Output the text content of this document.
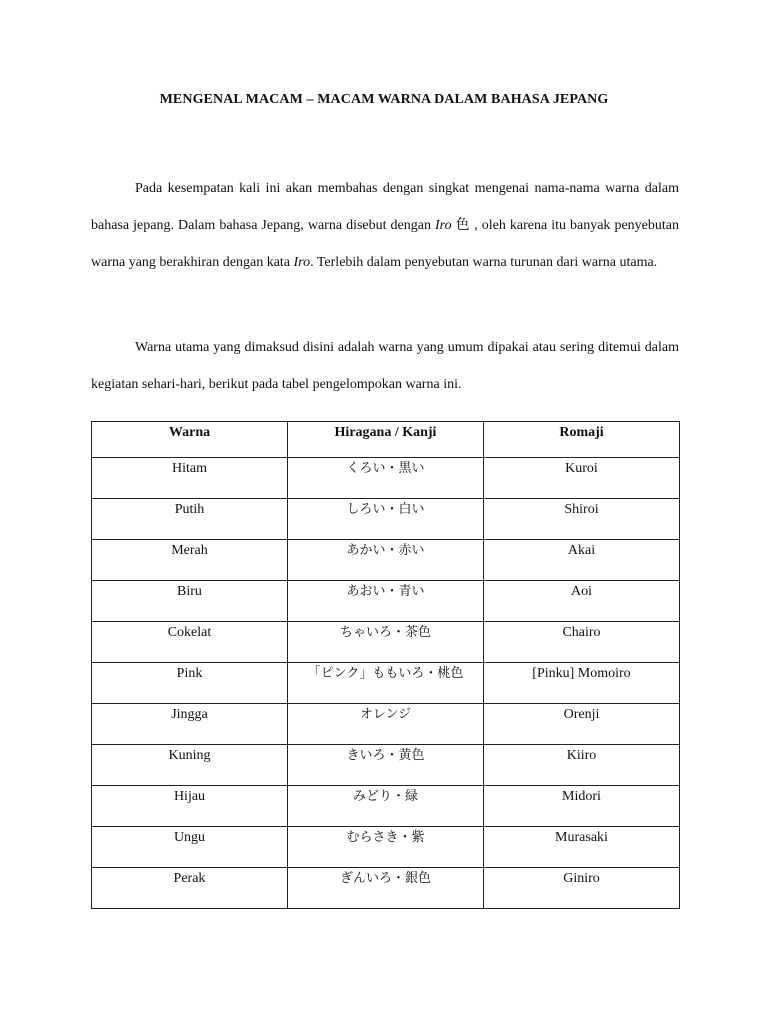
MENGENAL MACAM – MACAM WARNA DALAM BAHASA JEPANG

Pada kesempatan kali ini akan membahas dengan singkat mengenai nama-nama warna dalam bahasa jepang. Dalam bahasa Jepang, warna disebut dengan Iro 色 , oleh karena itu banyak penyebutan warna yang berakhiran dengan kata Iro. Terlebih dalam penyebutan warna turunan dari warna utama.

Warna utama yang dimaksud disini adalah warna yang umum dipakai atau sering ditemui dalam kegiatan sehari-hari, berikut pada tabel pengelompokan warna ini.

Warna	Hiragana / Kanji	Romaji

Hitam	くろい・黒い	Kuroi

Putih	しろい・白い	Shiroi

Merah	あかい・赤い	Akai

Biru	あおい・青い	Aoi

Cokelat	ちゃいろ・茶色	Chairo

Pink	「ピンク」ももいろ・桃色	[Pinku] Momoiro

Jingga	オレンジ	Orenji

Kuning	きいろ・黄色	Kiiro

Hijau	みどり・緑	Midori

Ungu	むらさき・紫	Murasaki

Perak	ぎんいろ・銀色	Giniro
